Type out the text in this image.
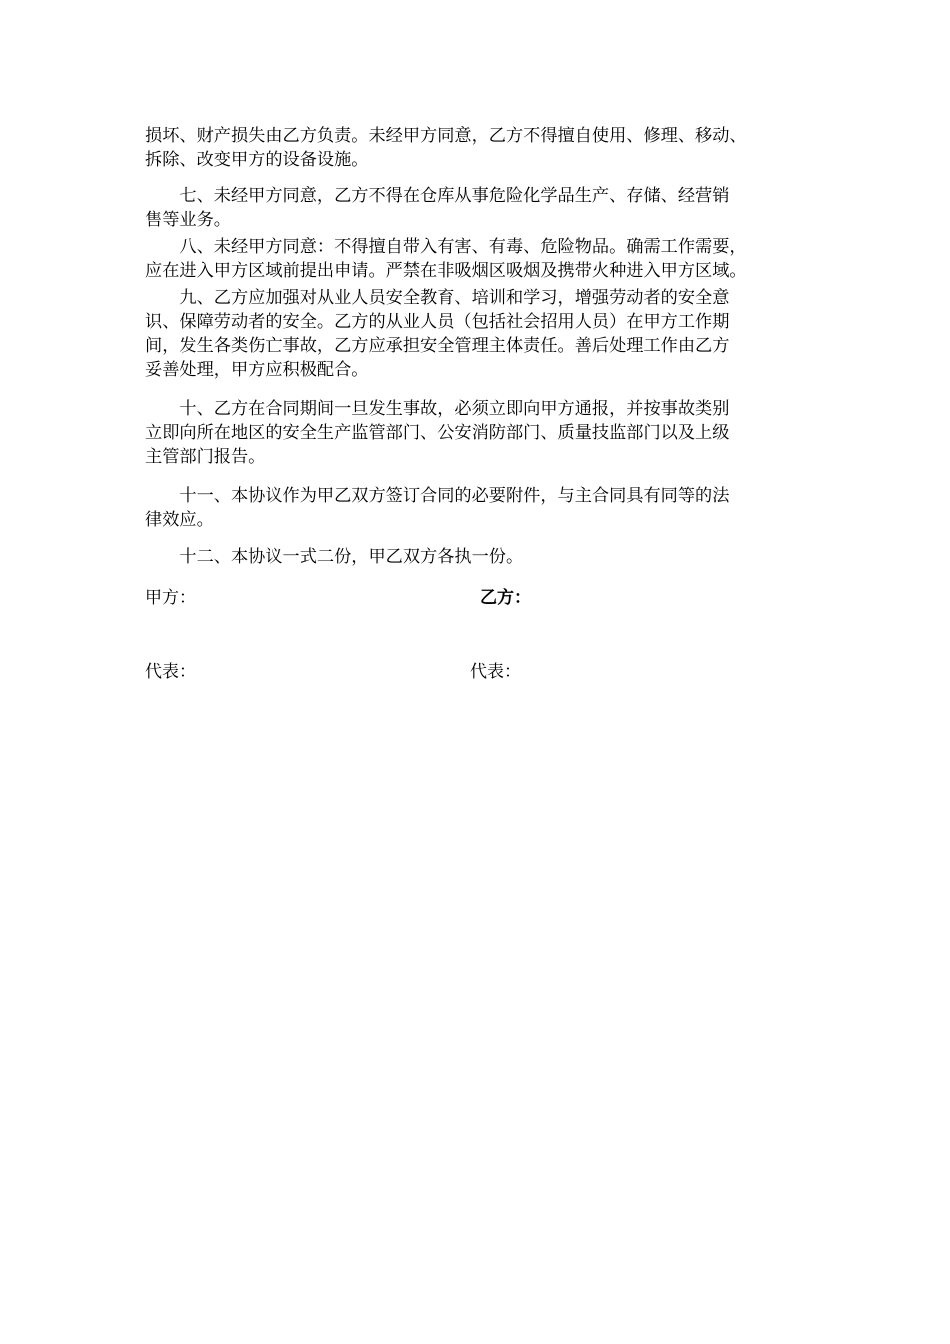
损坏、财产损失由乙方负责。未经甲方同意，乙方不得擅自使用、修理、移动、
拆除、改变甲方的设备设施。
　　七、未经甲方同意，乙方不得在仓库从事危险化学品生产、存储、经营销
售等业务。
　　八、未经甲方同意：不得擅自带入有害、有毒、危险物品。确需工作需要，
应在进入甲方区域前提出申请。严禁在非吸烟区吸烟及携带火种进入甲方区域。
　　九、乙方应加强对从业人员安全教育、培训和学习，增强劳动者的安全意
识、保障劳动者的安全。乙方的从业人员（包括社会招用人员）在甲方工作期
间，发生各类伤亡事故，乙方应承担安全管理主体责任。善后处理工作由乙方
妥善处理，甲方应积极配合。
　　十、乙方在合同期间一旦发生事故，必须立即向甲方通报，并按事故类别
立即向所在地区的安全生产监管部门、公安消防部门、质量技监部门以及上级
主管部门报告。
　　十一、本协议作为甲乙双方签订合同的必要附件，与主合同具有同等的法
律效应。
　　十二、本协议一式二份，甲乙双方各执一份。
甲方：	乙方：
代表：	代表：
